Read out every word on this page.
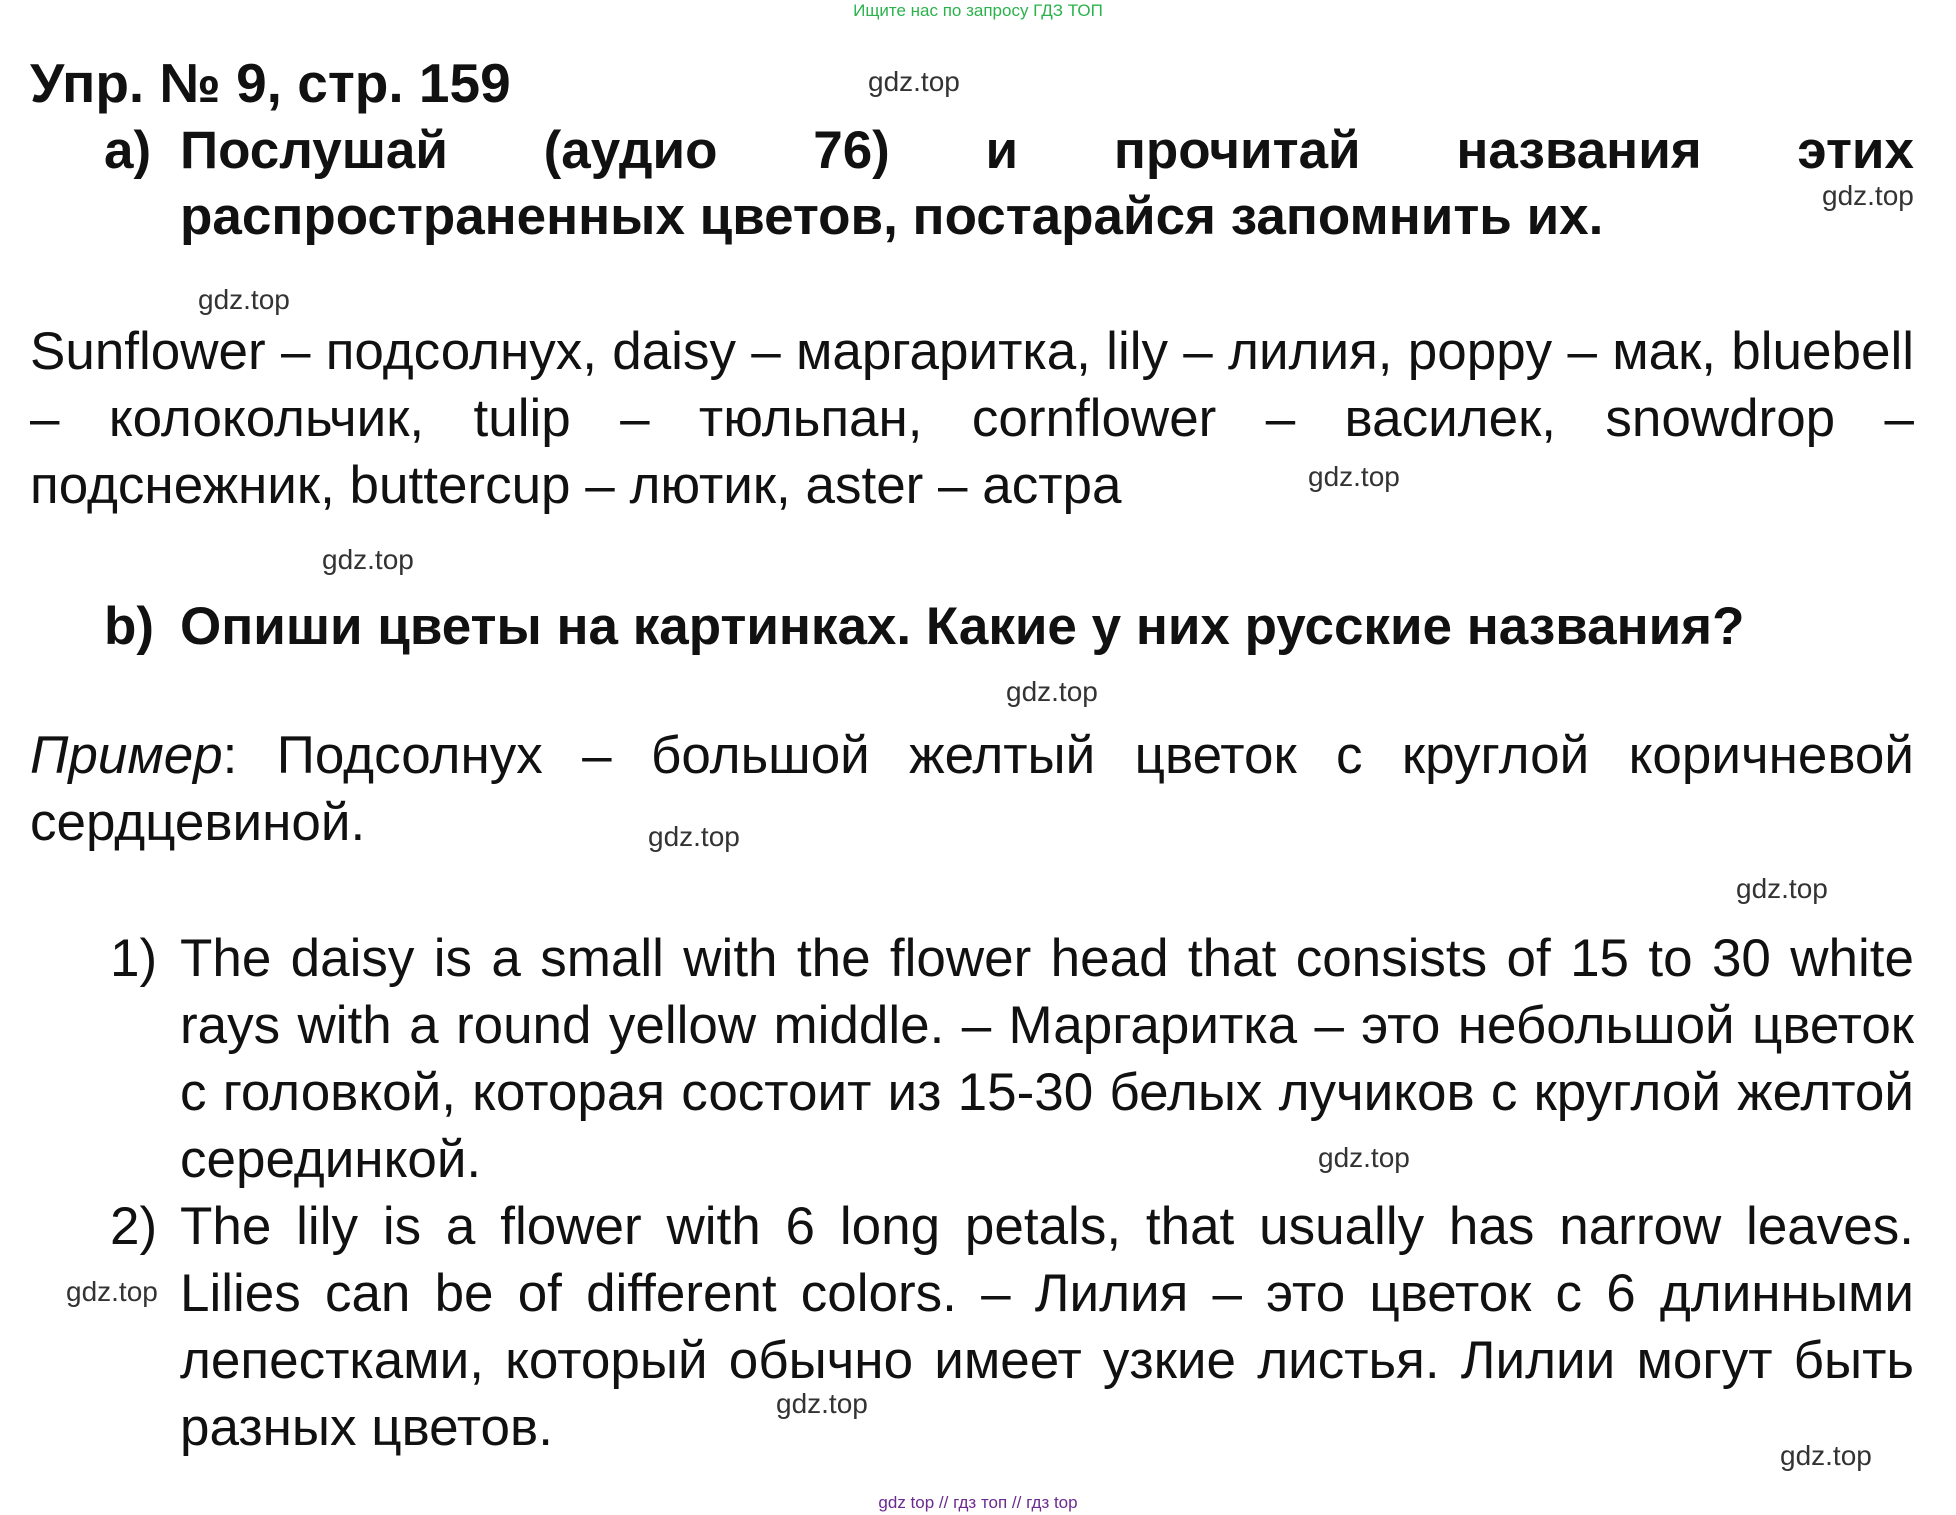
Ищите нас по запросу ГДЗ ТОП
Упр. № 9, стр. 159
a) Послушай (аудио 76) и прочитай названия этих распространенных цветов, постарайся запомнить их.
Sunflower – подсолнух, daisy – маргаритка, lily – лилия, poppy – мак, bluebell – колокольчик, tulip – тюльпан, cornflower – василек, snowdrop – подснежник, buttercup – лютик, aster – астра
b) Опиши цветы на картинках. Какие у них русские названия?
Пример: Подсолнух – большой желтый цветок с круглой коричневой сердцевиной.
1) The daisy is a small with the flower head that consists of 15 to 30 white rays with a round yellow middle. – Маргаритка – это небольшой цветок с головкой, которая состоит из 15-30 белых лучиков с круглой желтой серединкой.
2) The lily is a flower with 6 long petals, that usually has narrow leaves. Lilies can be of different colors. – Лилия – это цветок с 6 длинными лепестками, который обычно имеет узкие листья. Лилии могут быть разных цветов.
gdz.top
gdz.top
gdz.top
gdz.top
gdz.top
gdz.top
gdz.top
gdz.top
gdz.top
gdz.top
gdz.top
gdz.top
gdz top // гдз топ // гдз top
